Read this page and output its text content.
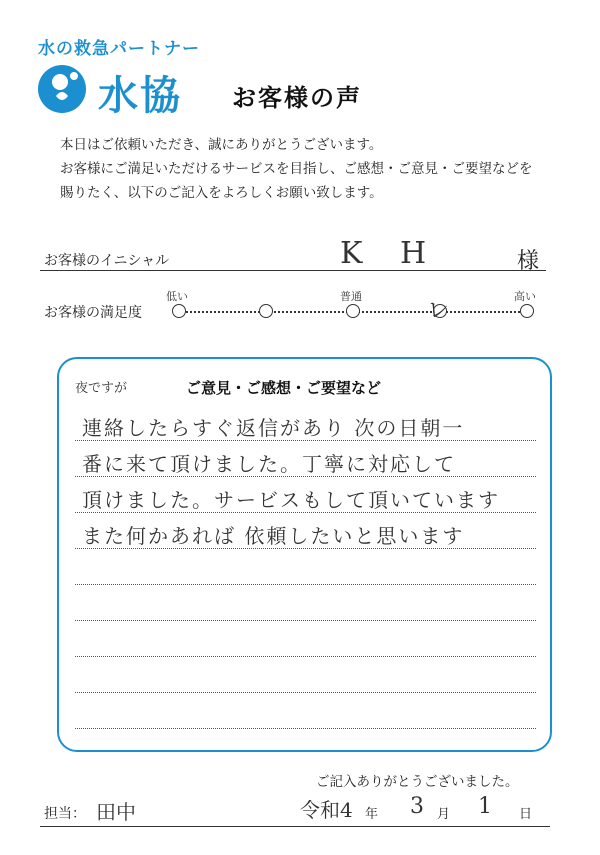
水の救急パートナー
水協 お客様の声
本日はご依頼いただき、誠にありがとうございます。
お客様にご満足いただけるサービスを目指し、ご感想・ご意見・ご要望などを
賜りたく、以下のご記入をよろしくお願い致します。
お客様のイニシャル	K H	様
お客様の満足度
低い	普通	高い
レ
夜ですが	ご意見・ご感想・ご要望など
連絡したらすぐ返信があり 次の日朝一
番に来て頂けました。丁寧に対応して
頂けました。サービスもして頂いています
また何かあれば 依頼したいと思います
ご記入ありがとうございました。
担当： 田中	令和4 年 3 月 1 日
